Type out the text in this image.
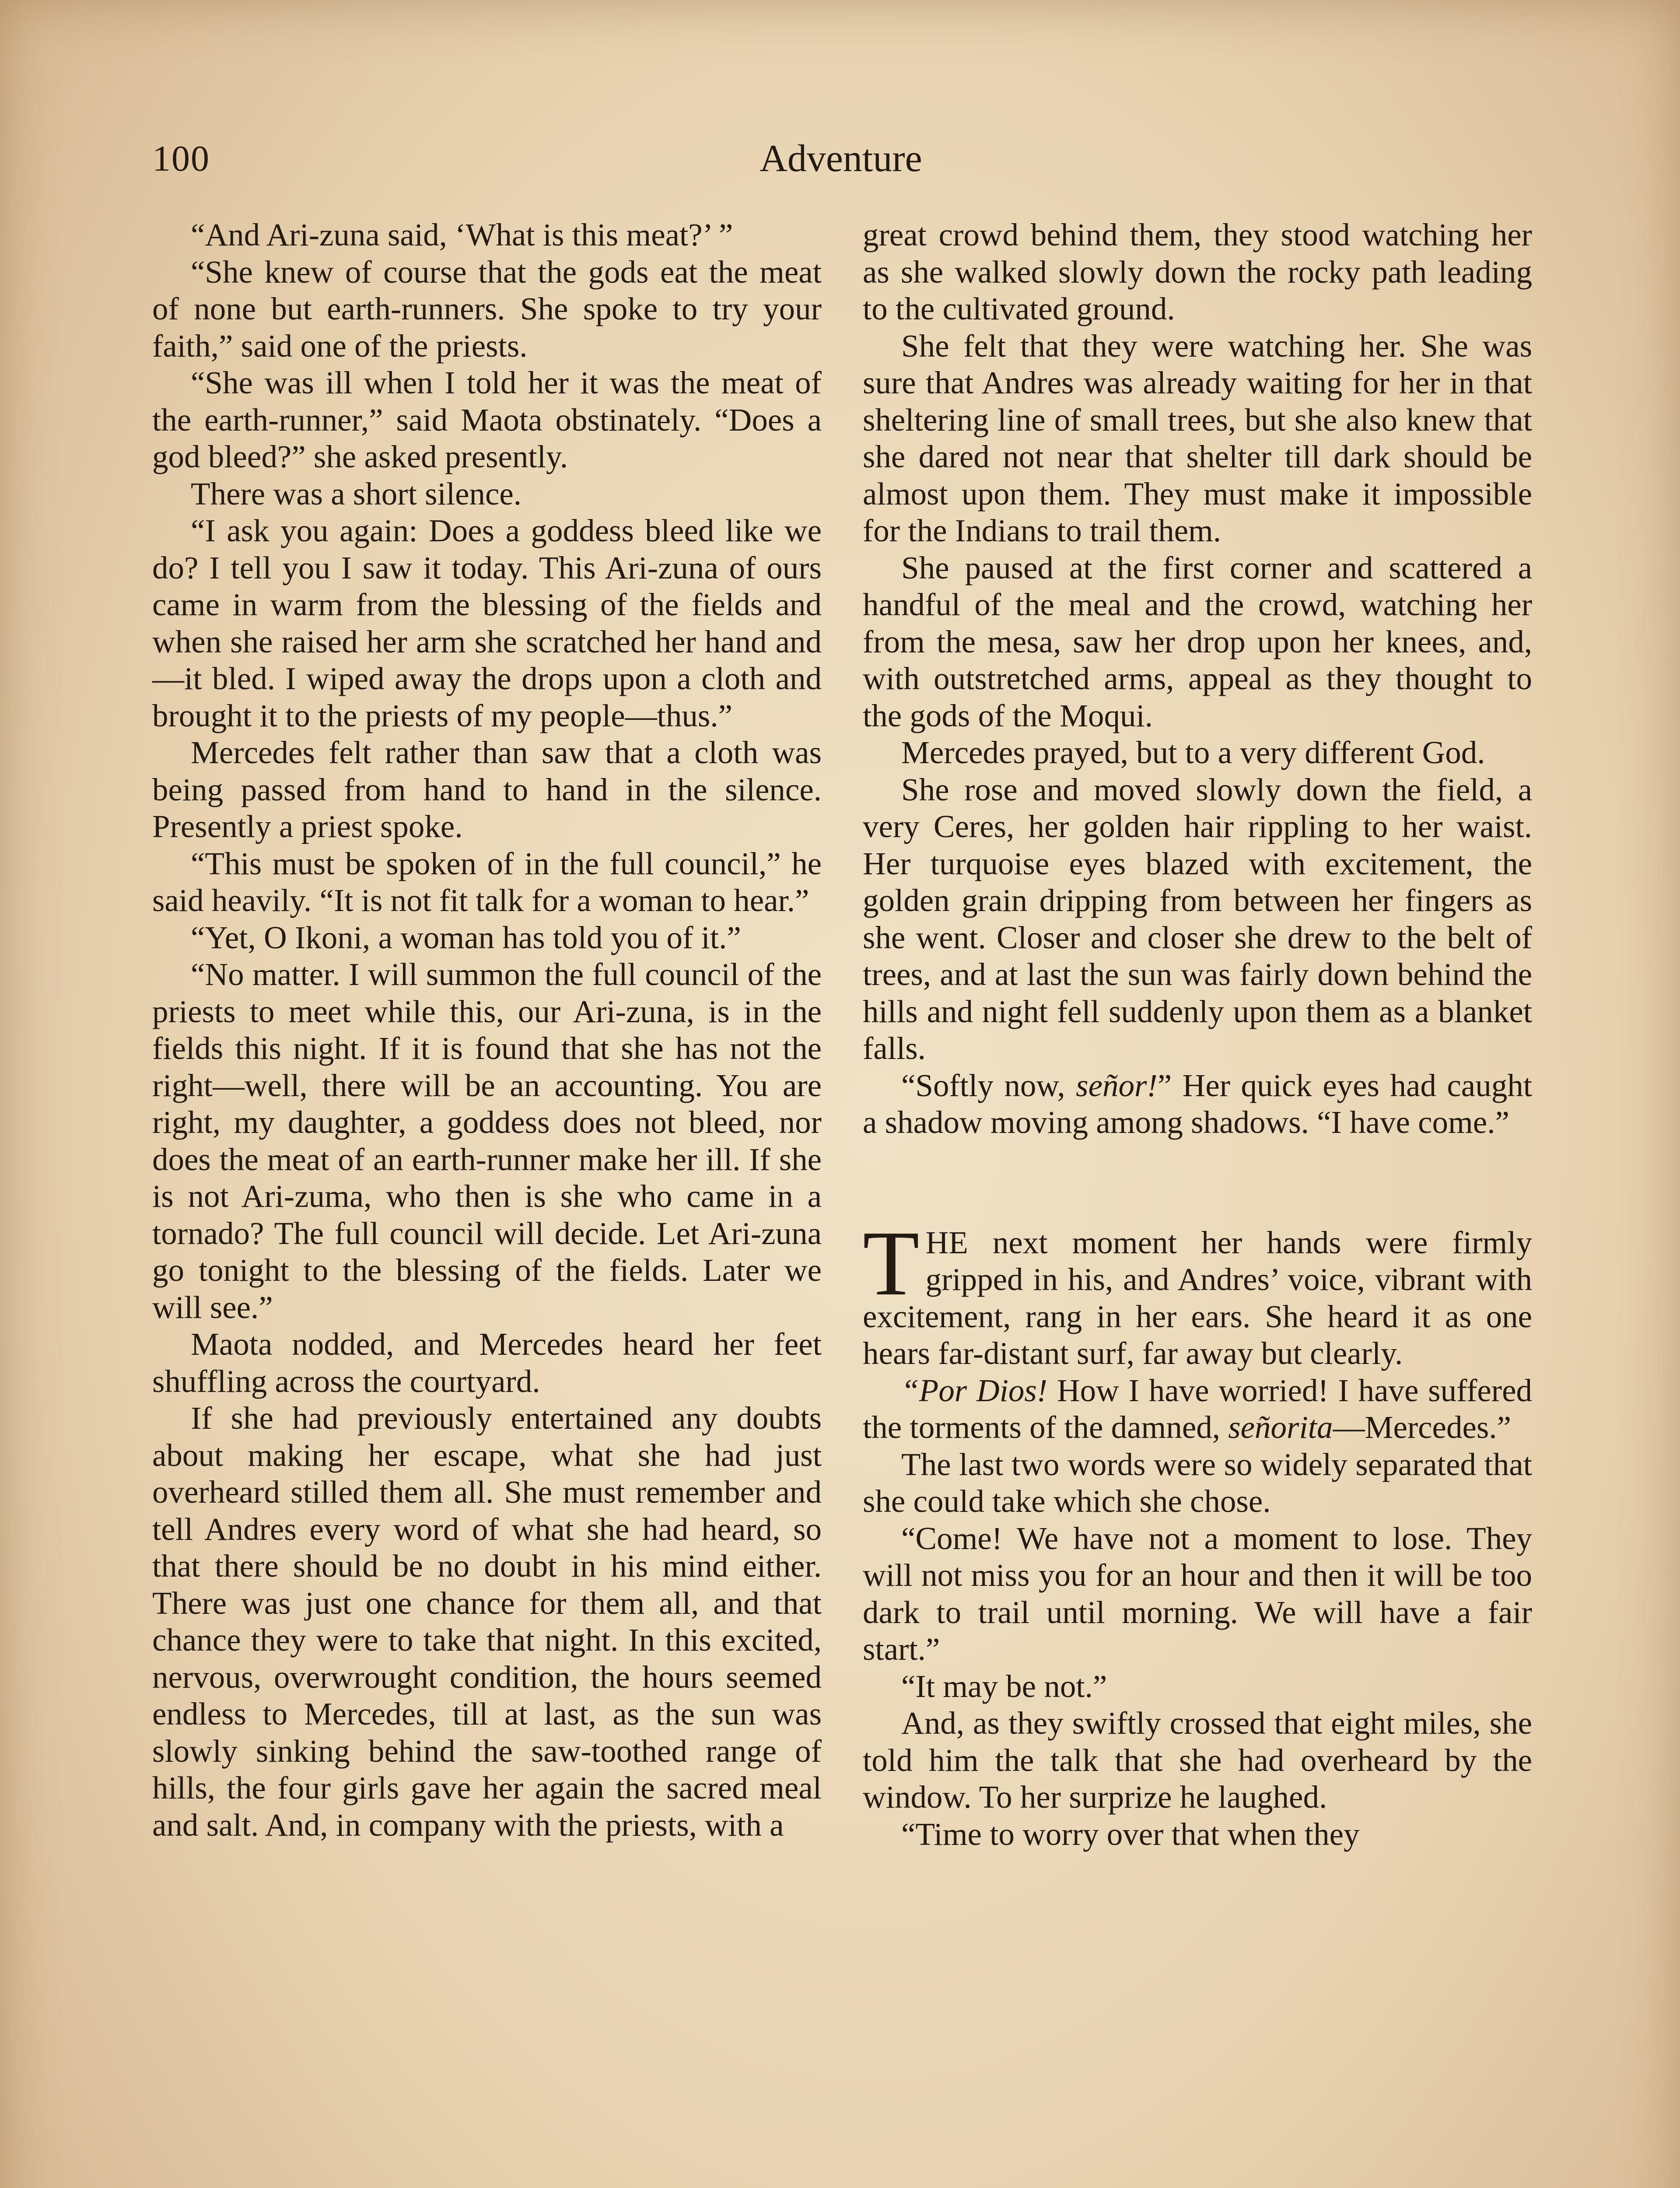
100	Adventure

“And Ari-zuna said, ‘What is this meat?’ ”

“She knew of course that the gods eat the meat of none but earth-runners. She spoke to try your faith,” said one of the priests.

“She was ill when I told her it was the meat of the earth-runner,” said Maota obstinately. “Does a god bleed?” she asked presently.

There was a short silence.

“I ask you again: Does a goddess bleed like we do? I tell you I saw it today. This Ari-zuna of ours came in warm from the blessing of the fields and when she raised her arm she scratched her hand and—it bled. I wiped away the drops upon a cloth and brought it to the priests of my people—thus.”

Mercedes felt rather than saw that a cloth was being passed from hand to hand in the silence. Presently a priest spoke.

“This must be spoken of in the full council,” he said heavily. “It is not fit talk for a woman to hear.”

“Yet, O Ikoni, a woman has told you of it.”

“No matter. I will summon the full council of the priests to meet while this, our Ari-zuna, is in the fields this night. If it is found that she has not the right—well, there will be an accounting. You are right, my daughter, a goddess does not bleed, nor does the meat of an earth-runner make her ill. If she is not Ari-zuma, who then is she who came in a tornado? The full council will decide. Let Ari-zuna go tonight to the blessing of the fields. Later we will see.”

Maota nodded, and Mercedes heard her feet shuffling across the courtyard.

If she had previously entertained any doubts about making her escape, what she had just overheard stilled them all. She must remember and tell Andres every word of what she had heard, so that there should be no doubt in his mind either. There was just one chance for them all, and that chance they were to take that night. In this excited, nervous, overwrought condition, the hours seemed endless to Mercedes, till at last, as the sun was slowly sinking behind the saw-toothed range of hills, the four girls gave her again the sacred meal and salt. And, in company with the priests, with a

great crowd behind them, they stood watching her as she walked slowly down the rocky path leading to the cultivated ground.

She felt that they were watching her. She was sure that Andres was already waiting for her in that sheltering line of small trees, but she also knew that she dared not near that shelter till dark should be almost upon them. They must make it impossible for the Indians to trail them.

She paused at the first corner and scattered a handful of the meal and the crowd, watching her from the mesa, saw her drop upon her knees, and, with outstretched arms, appeal as they thought to the gods of the Moqui.

Mercedes prayed, but to a very different God.

She rose and moved slowly down the field, a very Ceres, her golden hair rippling to her waist. Her turquoise eyes blazed with excitement, the golden grain dripping from between her fingers as she went. Closer and closer she drew to the belt of trees, and at last the sun was fairly down behind the hills and night fell suddenly upon them as a blanket falls.

“Softly now, señor!” Her quick eyes had caught a shadow moving among shadows. “I have come.”

THE next moment her hands were firmly gripped in his, and Andres’ voice, vibrant with excitement, rang in her ears. She heard it as one hears far-distant surf, far away but clearly.

“Por Dios! How I have worried! I have suffered the torments of the damned, señorita—Mercedes.”

The last two words were so widely separated that she could take which she chose.

“Come! We have not a moment to lose. They will not miss you for an hour and then it will be too dark to trail until morning. We will have a fair start.”

“It may be not.”

And, as they swiftly crossed that eight miles, she told him the talk that she had overheard by the window. To her surprize he laughed.

“Time to worry over that when they
